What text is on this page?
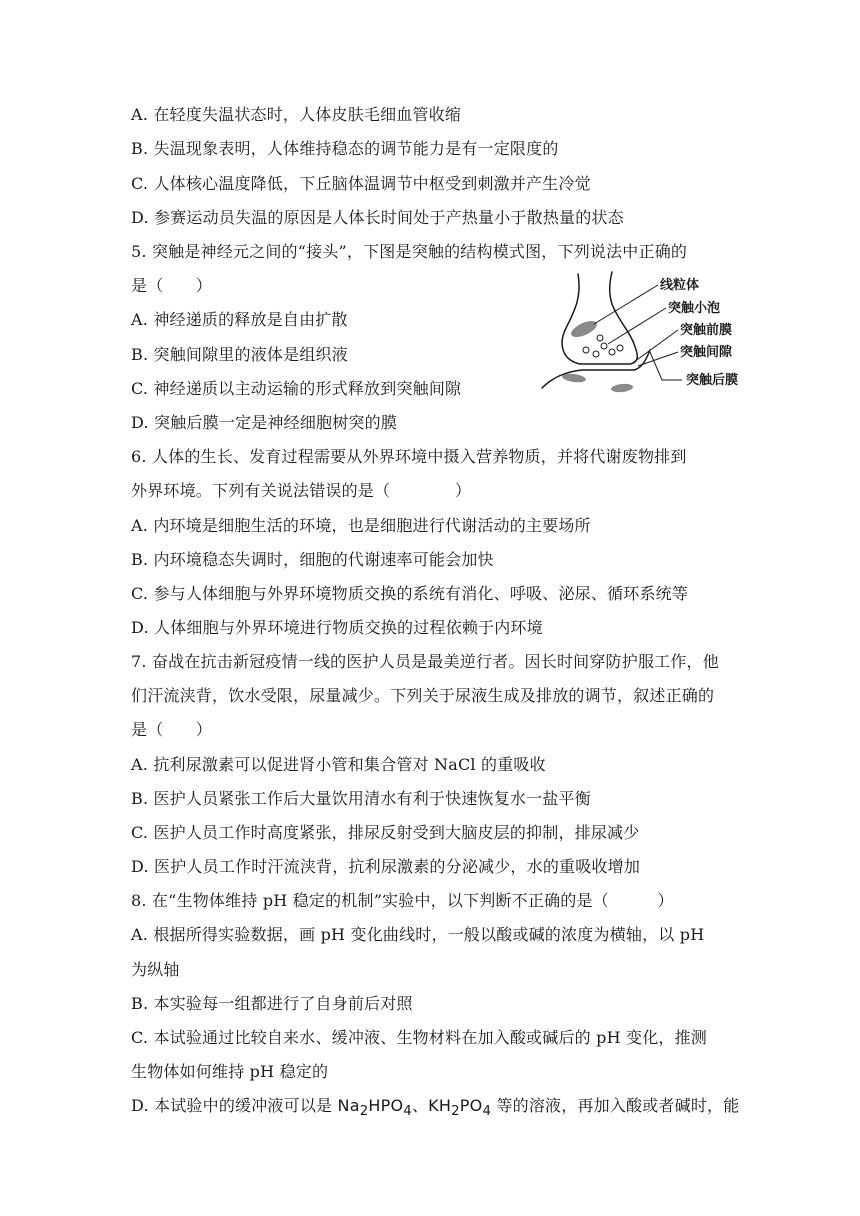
A. 在轻度失温状态时，人体皮肤毛细血管收缩
B. 失温现象表明，人体维持稳态的调节能力是有一定限度的
C. 人体核心温度降低，下丘脑体温调节中枢受到刺激并产生冷觉
D. 参赛运动员失温的原因是人体长时间处于产热量小于散热量的状态
5. 突触是神经元之间的“接头”，下图是突触的结构模式图，下列说法中正确的
是（　　）
A. 神经递质的释放是自由扩散
B. 突触间隙里的液体是组织液
C. 神经递质以主动运输的形式释放到突触间隙
D. 突触后膜一定是神经细胞树突的膜
6. 人体的生长、发育过程需要从外界环境中摄入营养物质，并将代谢废物排到
外界环境。下列有关说法错误的是（　　　　）
A. 内环境是细胞生活的环境，也是细胞进行代谢活动的主要场所
B. 内环境稳态失调时，细胞的代谢速率可能会加快
C. 参与人体细胞与外界环境物质交换的系统有消化、呼吸、泌尿、循环系统等
D. 人体细胞与外界环境进行物质交换的过程依赖于内环境
7. 奋战在抗击新冠疫情一线的医护人员是最美逆行者。因长时间穿防护服工作，他
们汗流浃背，饮水受限，尿量减少。下列关于尿液生成及排放的调节，叙述正确的
是（　　）
A. 抗利尿激素可以促进肾小管和集合管对 NaCl 的重吸收
B. 医护人员紧张工作后大量饮用清水有利于快速恢复水一盐平衡
C. 医护人员工作时高度紧张，排尿反射受到大脑皮层的抑制，排尿减少
D. 医护人员工作时汗流浃背，抗利尿激素的分泌减少，水的重吸收增加
8. 在“生物体维持 pH 稳定的机制”实验中，以下判断不正确的是（　　　）
A. 根据所得实验数据，画 pH 变化曲线时，一般以酸或碱的浓度为横轴，以 pH
为纵轴
B. 本实验每一组都进行了自身前后对照
C. 本试验通过比较自来水、缓冲液、生物材料在加入酸或碱后的 pH 变化，推测
生物体如何维持 pH 稳定的
D. 本试验中的缓冲液可以是 $Na_2HPO_4$、$KH_2PO_4$ 等的溶液，再加入酸或者碱时，能
线粒体
突触小泡
突触前膜
突触间隙
突触后膜
